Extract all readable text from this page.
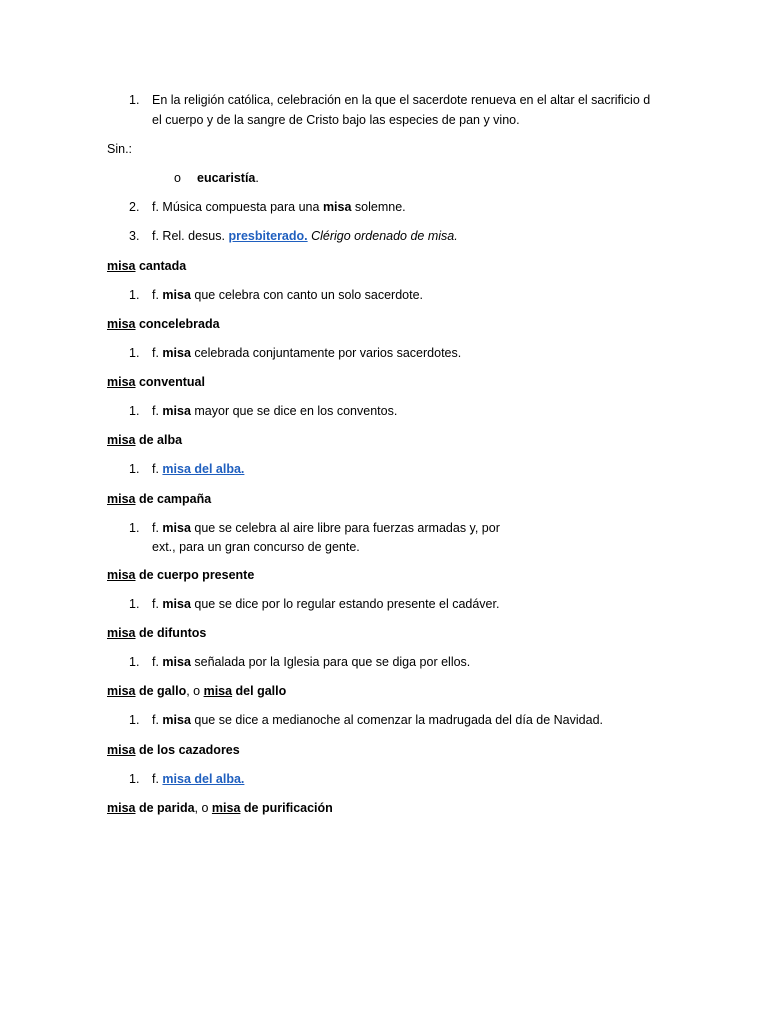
1. En la religión católica, celebración en la que el sacerdote renueva en el altar el sacrificio d
el cuerpo y de la sangre de Cristo bajo las especies de pan y vino.
Sin.:
o eucaristía.
2. f. Música compuesta para una misa solemne.
3. f. Rel. desus. presbiterado. Clérigo ordenado de misa.
misa cantada
1. f. misa que celebra con canto un solo sacerdote.
misa concelebrada
1. f. misa celebrada conjuntamente por varios sacerdotes.
misa conventual
1. f. misa mayor que se dice en los conventos.
misa de alba
1. f. misa del alba.
misa de campaña
1. f. misa que se celebra al aire libre para fuerzas armadas y, por
ext., para un gran concurso de gente.
misa de cuerpo presente
1. f. misa que se dice por lo regular estando presente el cadáver.
misa de difuntos
1. f. misa señalada por la Iglesia para que se diga por ellos.
misa de gallo, o misa del gallo
1. f. misa que se dice a medianoche al comenzar la madrugada del día de Navidad.
misa de los cazadores
1. f. misa del alba.
misa de parida, o misa de purificación
